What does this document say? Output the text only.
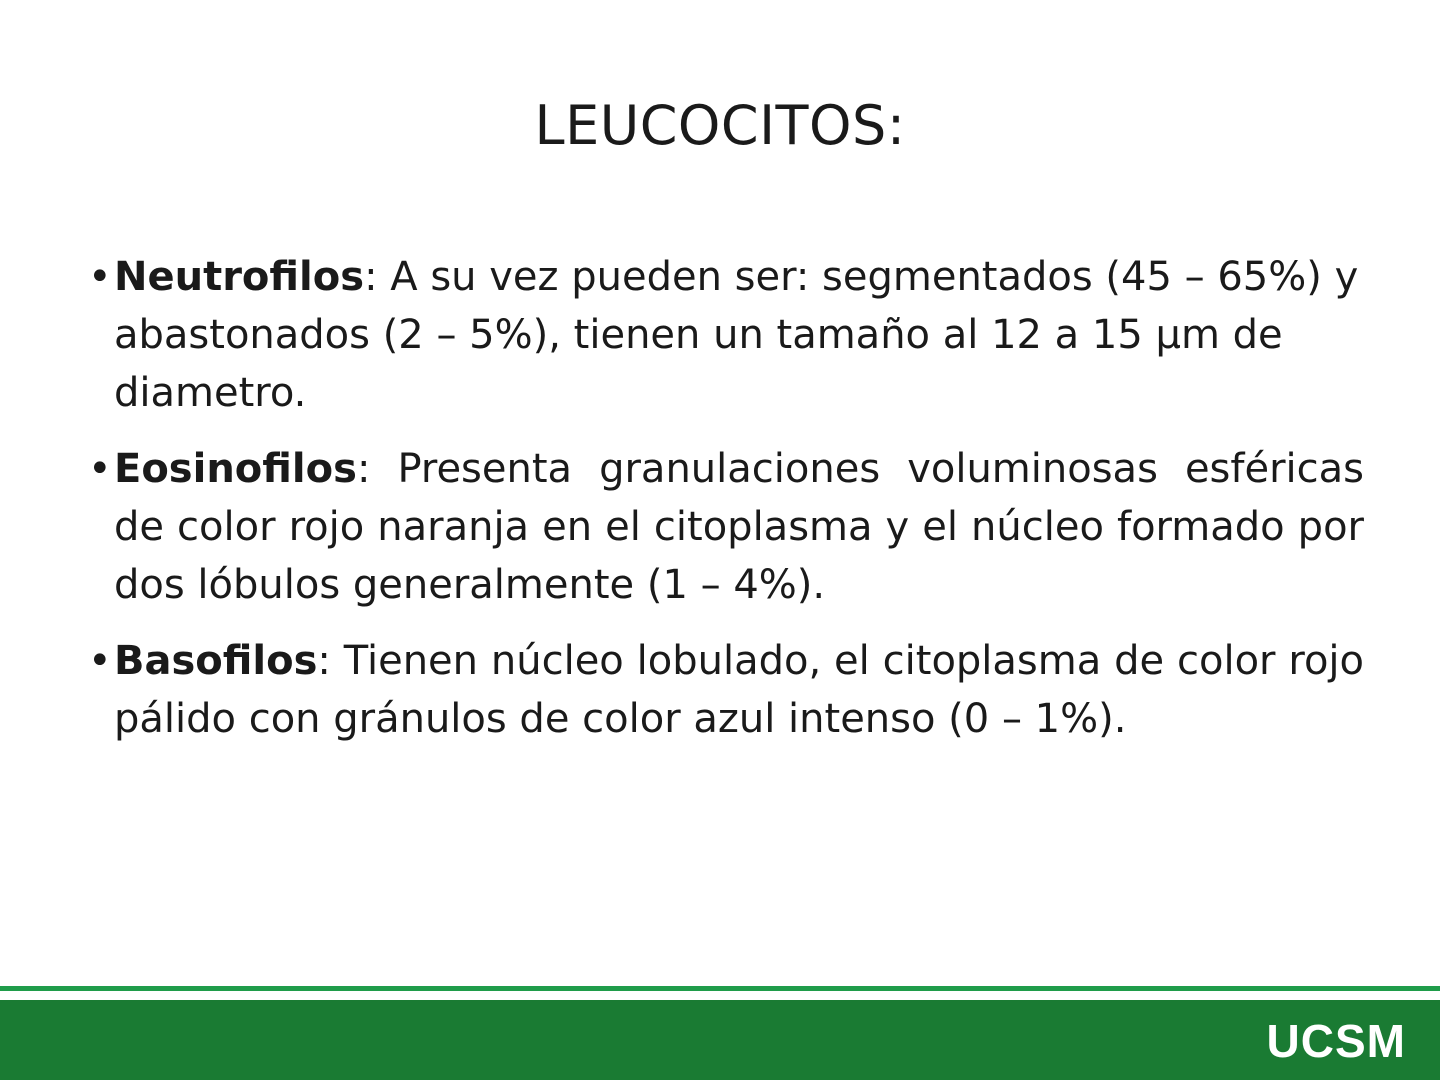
LEUCOCITOS:
• Neutrofilos: A su vez pueden ser: segmentados (45 – 65%) y abastonados (2 – 5%), tienen un tamaño al 12 a 15 μm de diametro.
• Eosinofilos: Presenta granulaciones voluminosas esféricas de color rojo naranja en el citoplasma y el núcleo formado por dos lóbulos generalmente (1 – 4%).
• Basofilos: Tienen núcleo lobulado, el citoplasma de color rojo pálido con gránulos de color azul intenso (0 – 1%).
UCSM
